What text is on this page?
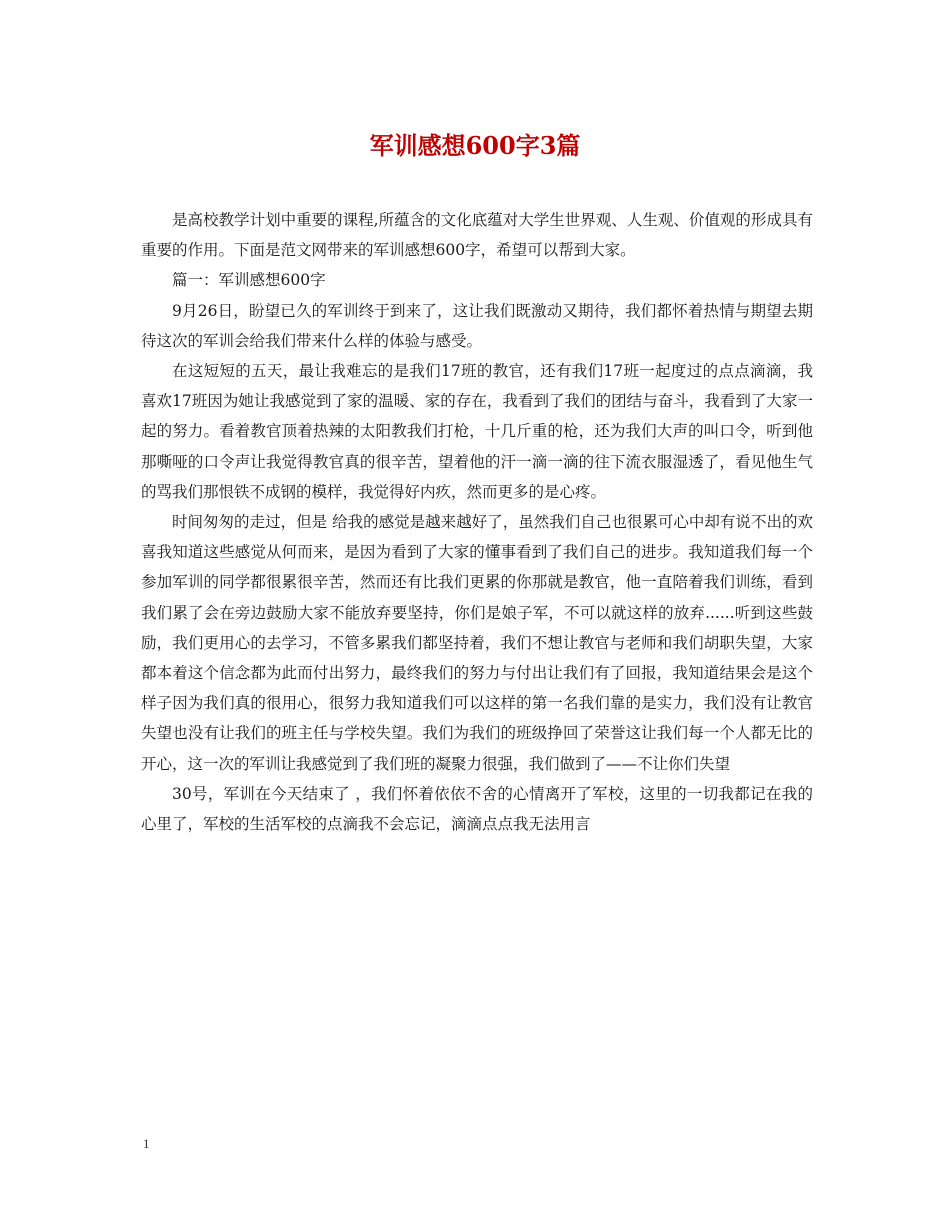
军训感想600字3篇

是高校教学计划中重要的课程,所蕴含的文化底蕴对大学生世界观、人生观、价值观的形成具有重要的作用。下面是范文网带来的军训感想600字，希望可以帮到大家。

篇一：军训感想600字

9月26日，盼望已久的军训终于到来了，这让我们既激动又期待，我们都怀着热情与期望去期待这次的军训会给我们带来什么样的体验与感受。

在这短短的五天，最让我难忘的是我们17班的教官，还有我们17班一起度过的点点滴滴，我喜欢17班因为她让我感觉到了家的温暖、家的存在，我看到了我们的团结与奋斗，我看到了大家一起的努力。看着教官顶着热辣的太阳教我们打枪，十几斤重的枪，还为我们大声的叫口令，听到他那嘶哑的口令声让我觉得教官真的很辛苦，望着他的汗一滴一滴的往下流衣服湿透了，看见他生气的骂我们那恨铁不成钢的模样，我觉得好内疚，然而更多的是心疼。

时间匆匆的走过，但是 给我的感觉是越来越好了，虽然我们自己也很累可心中却有说不出的欢喜我知道这些感觉从何而来，是因为看到了大家的懂事看到了我们自己的进步。我知道我们每一个参加军训的同学都很累很辛苦，然而还有比我们更累的你那就是教官，他一直陪着我们训练，看到我们累了会在旁边鼓励大家不能放弃要坚持，你们是娘子军，不可以就这样的放弃......听到这些鼓励，我们更用心的去学习，不管多累我们都坚持着，我们不想让教官与老师和我们胡职失望，大家都本着这个信念都为此而付出努力，最终我们的努力与付出让我们有了回报，我知道结果会是这个样子因为我们真的很用心，很努力我知道我们可以这样的第一名我们靠的是实力，我们没有让教官失望也没有让我们的班主任与学校失望。我们为我们的班级挣回了荣誉这让我们每一个人都无比的开心，这一次的军训让我感觉到了我们班的凝聚力很强，我们做到了——不让你们失望

30号，军训在今天结束了 ，我们怀着依依不舍的心情离开了军校，这里的一切我都记在我的心里了，军校的生活军校的点滴我不会忘记，滴滴点点我无法用言

1
